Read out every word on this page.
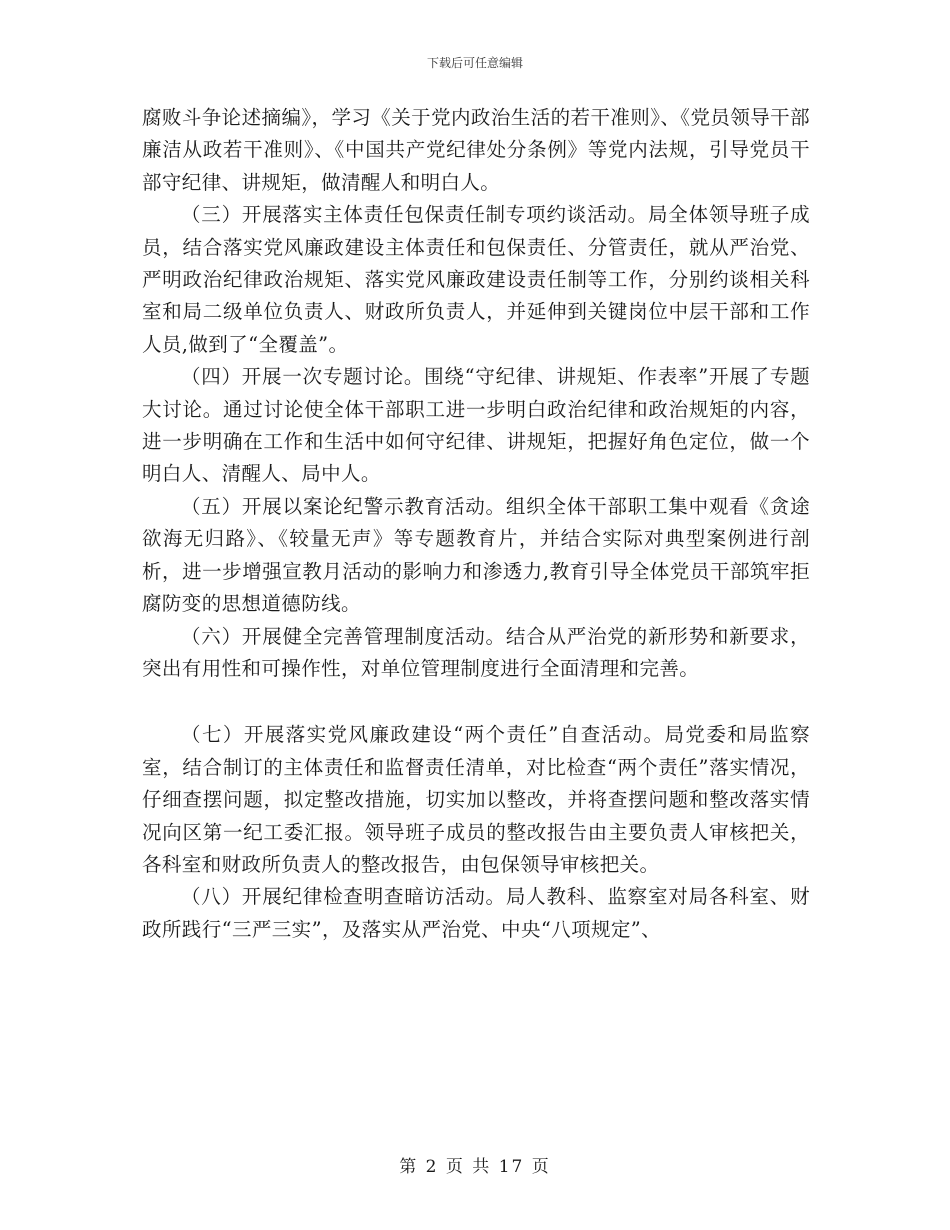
下载后可任意编辑

腐败斗争论述摘编》，学习《关于党内政治生活的若干准则》、《党员领导干部廉洁从政若干准则》、《中国共产党纪律处分条例》等党内法规，引导党员干部守纪律、讲规矩，做清醒人和明白人。

（三）开展落实主体责任包保责任制专项约谈活动。局全体领导班子成员，结合落实党风廉政建设主体责任和包保责任、分管责任，就从严治党、严明政治纪律政治规矩、落实党风廉政建设责任制等工作，分别约谈相关科室和局二级单位负责人、财政所负责人，并延伸到关键岗位中层干部和工作人员,做到了“全覆盖”。

（四）开展一次专题讨论。围绕“守纪律、讲规矩、作表率”开展了专题大讨论。通过讨论使全体干部职工进一步明白政治纪律和政治规矩的内容，进一步明确在工作和生活中如何守纪律、讲规矩，把握好角色定位，做一个明白人、清醒人、局中人。

（五）开展以案论纪警示教育活动。组织全体干部职工集中观看《贪途欲海无归路》、《较量无声》等专题教育片，并结合实际对典型案例进行剖析，进一步增强宣教月活动的影响力和渗透力,教育引导全体党员干部筑牢拒腐防变的思想道德防线。

（六）开展健全完善管理制度活动。结合从严治党的新形势和新要求，突出有用性和可操作性，对单位管理制度进行全面清理和完善。

（七）开展落实党风廉政建设“两个责任”自查活动。局党委和局监察室，结合制订的主体责任和监督责任清单，对比检查“两个责任”落实情况，仔细查摆问题，拟定整改措施，切实加以整改，并将查摆问题和整改落实情况向区第一纪工委汇报。领导班子成员的整改报告由主要负责人审核把关，各科室和财政所负责人的整改报告，由包保领导审核把关。

（八）开展纪律检查明查暗访活动。局人教科、监察室对局各科室、财政所践行“三严三实”，及落实从严治党、中央“八项规定”、

第 2 页 共 17 页
